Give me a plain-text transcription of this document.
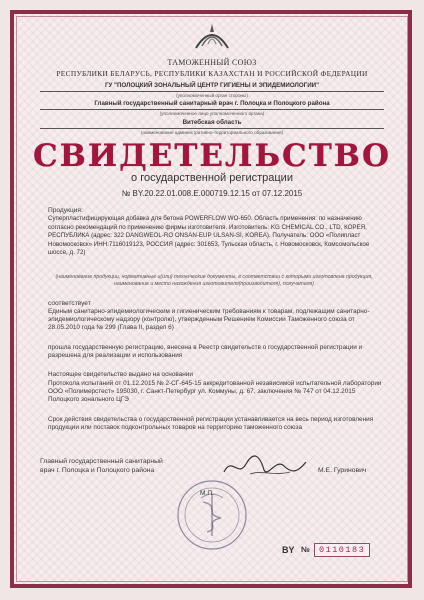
ТАМОЖЕННЫЙ СОЮЗ
РЕСПУБЛИКИ БЕЛАРУСЬ, РЕСПУБЛИКИ КАЗАХСТАН И РОССИЙСКОЙ ФЕДЕРАЦИИ
ГУ "ПОЛОЦКИЙ ЗОНАЛЬНЫЙ ЦЕНТР ГИГИЕНЫ И ЭПИДЕМИОЛОГИИ"
(уполномоченный орган стороны)
Главный государственный санитарный врач г. Полоцка и Полоцкого района
(уполномоченное лицо уполномоченного органа)
Витебская область
(наименование административно-территориального образования)
СВИДЕТЕЛЬСТВО
о государственной регистрации
№ BY.20.22.01.008.E.000719.12.15 от 07.12.2015
Продукция:
Суперпластифицирующая добавка для бетона POWERFLOW WO-650. Область применения: по назначению согласно рекомендаций по применению фирмы изготовителя. Изготовитель: KG CHEMICAL CO., LTD, КОРЕЯ, РЕСПУБЛИКА (адрес: 322 DANGWEOL-RO ONSAN-EUP ULSAN-SI, KOREA). Получатель: ООО «Полипласт Новомосковск» ИНН:7116019123, РОССИЯ (адрес: 301653, Тульская область, г. Новомосковск, Комсомольское шоссе, д. 72)
(наименование продукции, нормативные и(или) технические документы, в соответствии с которыми изготовлена продукция, наименование и место нахождения изготовителя(производителя), получателя)
соответствует
Единым санитарно-эпидемиологическим и гигиеническим требованиям к товарам, подлежащим санитарно-эпидемиологическому надзору (контролю), утвержденным Решением Комиссии Таможенного союза от 28.05.2010 года № 299 (Глава II, раздел 6)
прошла государственную регистрацию, внесена в Реестр свидетельств о государственной регистрации и разрешена для реализации и использования
Настоящее свидетельство выдано на основании
Протокола испытаний от 01.12.2015 № 2-СГ-645-15 аккредитованной независимой испытательной лаборатории ООО «Полимерстест» 195030, г. Санкт-Петербург ул. Коммуны, д. 67, заключения № 747 от 04.12.2015 Полоцкого зонального ЦГЭ
Срок действия свидетельства о государственной регистрации устанавливается на весь период изготовления продукции или поставок подконтрольных товаров на территорию таможенного союза
Главный государственный санитарный
врач г. Полоцка и Полоцкого района	М.Е. Гуринович
М.П.
BY №	0110183
